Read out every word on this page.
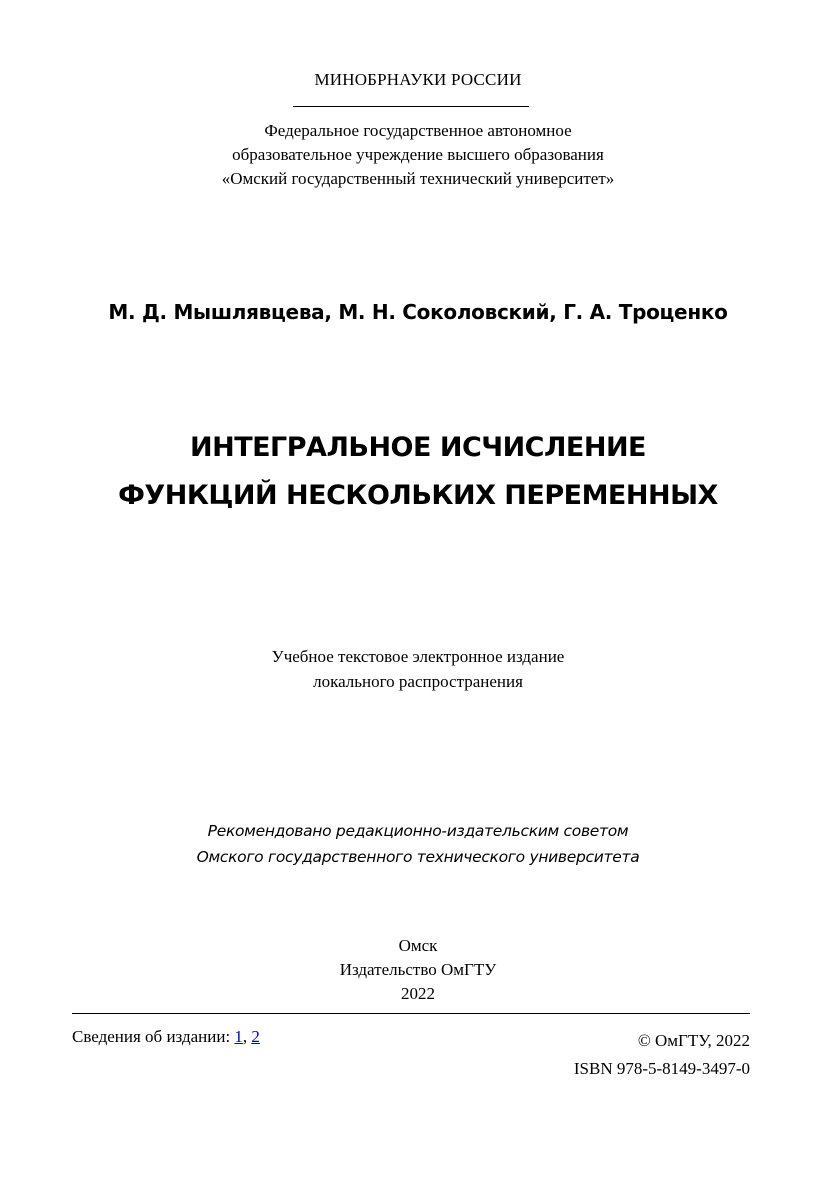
МИНОБРНАУКИ РОССИИ
Федеральное государственное автономное
образовательное учреждение высшего образования
«Омский государственный технический университет»
М. Д. Мышлявцева, М. Н. Соколовский, Г. А. Троценко
ИНТЕГРАЛЬНОЕ ИСЧИСЛЕНИЕ
ФУНКЦИЙ НЕСКОЛЬКИХ ПЕРЕМЕННЫХ
Учебное текстовое электронное издание
локального распространения
Рекомендовано редакционно-издательским советом
Омского государственного технического университета
Омск
Издательство ОмГТУ
2022
Сведения об издании: 1, 2	© ОмГТУ, 2022
ISBN 978-5-8149-3497-0
